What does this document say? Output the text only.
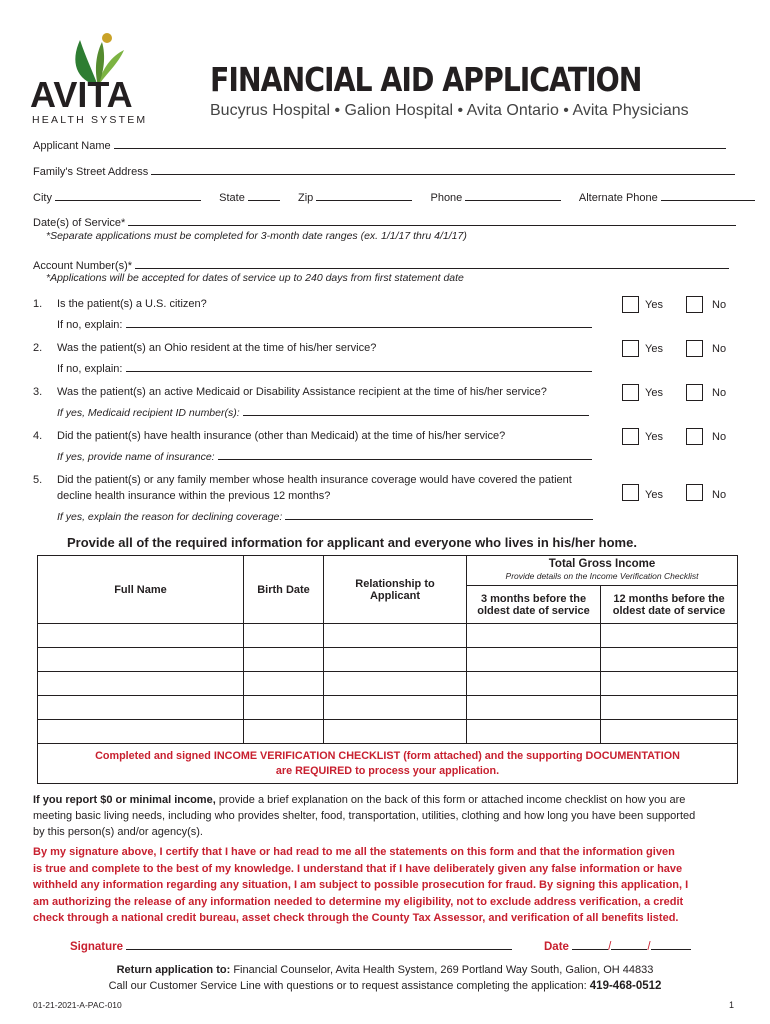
AVITA
HEALTH SYSTEM
FINANCIAL AID APPLICATION
Bucyrus Hospital • Galion Hospital • Avita Ontario • Avita Physicians
Applicant Name
Family's Street Address
City	State	Zip	Phone	Alternate Phone
Date(s) of Service*
*Separate applications must be completed for 3-month date ranges (ex. 1/1/17 thru 4/1/17)
Account Number(s)*
*Applications will be accepted for dates of service up to 240 days from first statement date
1. Is the patient(s) a U.S. citizen?
If no, explain:
Yes	No
2. Was the patient(s) an Ohio resident at the time of his/her service?
If no, explain:
Yes	No
3. Was the patient(s) an active Medicaid or Disability Assistance recipient at the time of his/her service?
If yes, Medicaid recipient ID number(s):
Yes	No
4. Did the patient(s) have health insurance (other than Medicaid) at the time of his/her service?
If yes, provide name of insurance:
Yes	No
5. Did the patient(s) or any family member whose health insurance coverage would have covered the patient
decline health insurance within the previous 12 months?
If yes, explain the reason for declining coverage:
Yes	No
Provide all of the required information for applicant and everyone who lives in his/her home.
Full Name	Birth Date	Relationship to Applicant	Total Gross Income
Provide details on the Income Verification Checklist	

			3 months before the oldest date of service	12 months before the oldest date of service

Completed and signed INCOME VERIFICATION CHECKLIST (form attached) and the supporting DOCUMENTATION
are REQUIRED to process your application.				
If you report $0 or minimal income, provide a brief explanation on the back of this form or attached income checklist on how you are
meeting basic living needs, including who provides shelter, food, transportation, utilities, clothing and how long you have been supported
by this person(s) and/or agency(s).
By my signature above, I certify that I have or had read to me all the statements on this form and that the information given
is true and complete to the best of my knowledge. I understand that if I have deliberately given any false information or have
withheld any information regarding any situation, I am subject to possible prosecution for fraud. By signing this application, I
am authorizing the release of any information needed to determine my eligibility, not to exclude address verification, a credit
check through a national credit bureau, asset check through the County Tax Assessor, and verification of all benefits listed.
Signature	Date	/	/
Return application to: Financial Counselor, Avita Health System, 269 Portland Way South, Galion, OH 44833
Call our Customer Service Line with questions or to request assistance completing the application: 419-468-0512
01-21-2021-A-PAC-010	1
